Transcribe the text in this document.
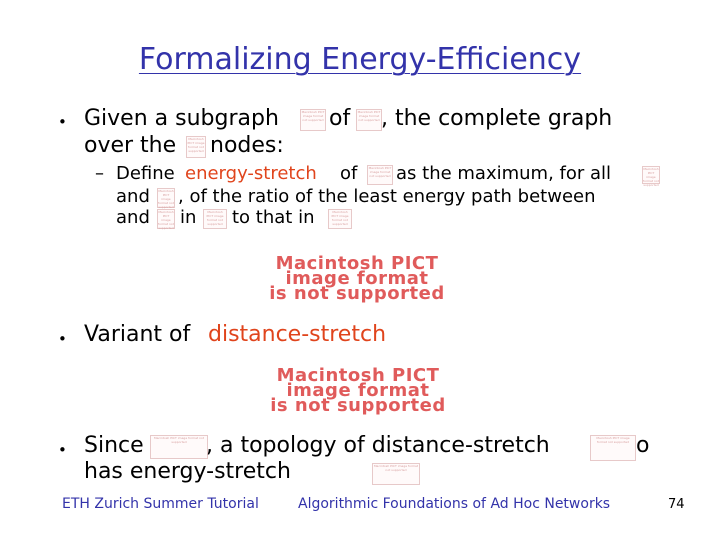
Formalizing Energy-Efficiency
• Given a subgraph	Macintosh PICT image format not supported of	Macintosh PICT image format not supported , the complete graph
over the	Macintosh PICT image format not supported nodes:
– Define energy-stretch of	Macintosh PICT image format not supported as the maximum, for all	Macintosh PICT image format not supported
and	Macintosh PICT image format not supported , of the ratio of the least energy path between
and	Macintosh PICT image format not supported in	Macintosh PICT image format not supported to that in	Macintosh PICT image format not supported
Macintosh PICT
image format
is not supported
• Variant of distance-stretch
Macintosh PICT
image format
is not supported
• Since	Macintosh PICT image format not supported , a topology of distance-stretch	Macintosh PICT image format not supported o
has energy-stretch	Macintosh PICT image format not supported
ETH Zurich Summer Tutorial	Algorithmic Foundations of Ad Hoc Networks	74
